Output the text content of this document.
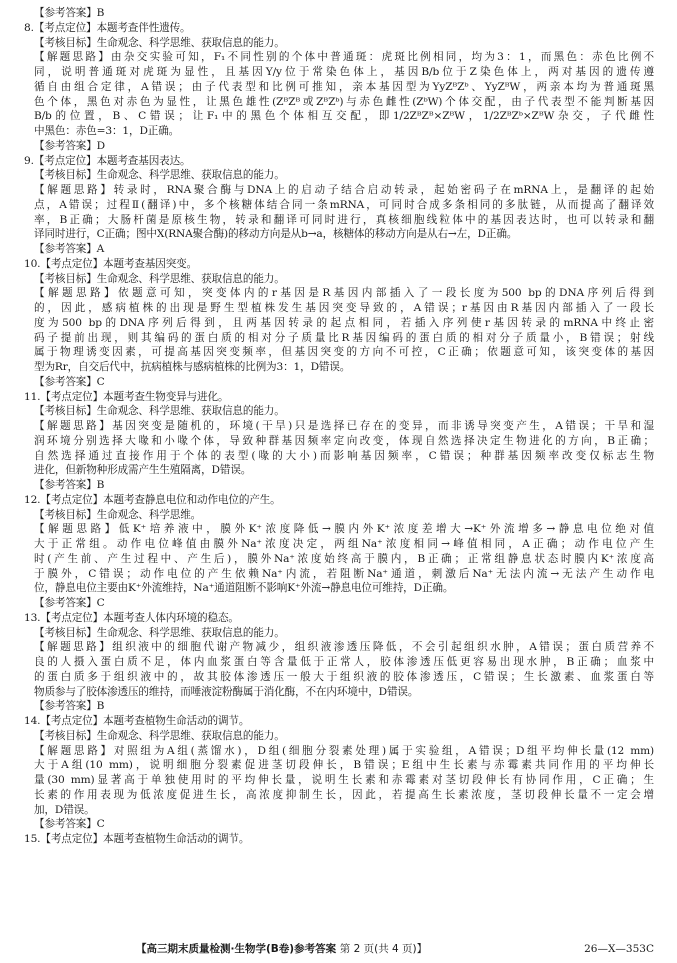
【参考答案】B
8.【考点定位】本题考查伴性遗传。
【考核目标】生命观念、科学思维、获取信息的能力。
【解题思路】由杂交实验可知，F₁不同性别的个体中普通斑：虎斑比例相同，均为3：1，而黑色：赤色比例不
同，说明普通斑对虎斑为显性，且基因Y/y位于常染色体上，基因B/b位于Z染色体上，两对基因的遗传遵
循自由组合定律，A错误；由子代表型和比例可推知，亲本基因型为YyZᴮZᵇ、YyZᴮW，两亲本均为普通斑黑
色个体，黑色对赤色为显性，让黑色雄性(ZᴮZᴮ或ZᴮZᵇ)与赤色雌性(ZᵇW)个体交配，由子代表型不能判断基因
B/b的位置，B、C错误；让F₁中的黑色个体相互交配，即1/2ZᴮZᴮ×ZᴮW，1/2ZᴮZᵇ×ZᴮW杂交，子代雌性
中黑色：赤色=3：1，D正确。
【参考答案】D
9.【考点定位】本题考查基因表达。
【考核目标】生命观念、科学思维、获取信息的能力。
【解题思路】转录时，RNA聚合酶与DNA上的启动子结合启动转录，起始密码子在mRNA上，是翻译的起始
点，A错误；过程Ⅱ(翻译)中，多个核糖体结合同一条mRNA，可同时合成多条相同的多肽链，从而提高了翻译效
率，B正确；大肠杆菌是原核生物，转录和翻译可同时进行，真核细胞线粒体中的基因表达时，也可以转录和翻
译同时进行，C正确；图中X(RNA聚合酶)的移动方向是从b→a，核糖体的移动方向是从右→左，D正确。
【参考答案】A
10.【考点定位】本题考查基因突变。
【考核目标】生命观念、科学思维、获取信息的能力。
【解题思路】依题意可知，突变体内的r基因是R基因内部插入了一段长度为500 bp的DNA序列后得到
的，因此，感病植株的出现是野生型植株发生基因突变导致的，A错误；r基因由R基因内部插入了一段长
度为500 bp的DNA序列后得到，且两基因转录的起点相同，若插入序列使r基因转录的mRNA中终止密
码子提前出现，则其编码的蛋白质的相对分子质量比R基因编码的蛋白质的相对分子质量小，B错误；射线
属于物理诱变因素，可提高基因突变频率，但基因突变的方向不可控，C正确；依题意可知，该突变体的基因
型为Rr，自交后代中，抗病植株与感病植株的比例为3：1，D错误。
【参考答案】C
11.【考点定位】本题考查生物变异与进化。
【考核目标】生命观念、科学思维、获取信息的能力。
【解题思路】基因突变是随机的，环境(干旱)只是选择已存在的变异，而非诱导突变产生，A错误；干旱和湿
润环境分别选择大喙和小喙个体，导致种群基因频率定向改变，体现自然选择决定生物进化的方向，B正确；
自然选择通过直接作用于个体的表型(喙的大小)而影响基因频率，C错误；种群基因频率改变仅标志生物
进化，但新物种形成需产生生殖隔离，D错误。
【参考答案】B
12.【考点定位】本题考查静息电位和动作电位的产生。
【考核目标】生命观念、科学思维。
【解题思路】低K⁺培养液中，膜外K⁺浓度降低→膜内外K⁺浓度差增大→K⁺外流增多→静息电位绝对值
大于正常组。动作电位峰值由膜外Na⁺浓度决定，两组Na⁺浓度相同→峰值相同，A正确；动作电位产生
时(产生前、产生过程中、产生后)，膜外Na⁺浓度始终高于膜内，B正确；正常组静息状态时膜内K⁺浓度高
于膜外，C错误；动作电位的产生依赖Na⁺内流，若阻断Na⁺通道，刺激后Na⁺无法内流→无法产生动作电
位，静息电位主要由K⁺外流维持，Na⁺通道阻断不影响K⁺外流→静息电位可维持，D正确。
【参考答案】C
13.【考点定位】本题考查人体内环境的稳态。
【考核目标】生命观念、科学思维、获取信息的能力。
【解题思路】组织液中的细胞代谢产物减少，组织液渗透压降低，不会引起组织水肿，A错误；蛋白质营养不
良的人摄入蛋白质不足，体内血浆蛋白等含量低于正常人，胶体渗透压低更容易出现水肿，B正确；血浆中
的蛋白质多于组织液中的，故其胶体渗透压一般大于组织液的胶体渗透压，C错误；生长激素、血浆蛋白等
物质参与了胶体渗透压的维持，而唾液淀粉酶属于消化酶，不在内环境中，D错误。
【参考答案】B
14.【考点定位】本题考查植物生命活动的调节。
【考核目标】生命观念、科学思维、获取信息的能力。
【解题思路】对照组为A组(蒸馏水)，D组(细胞分裂素处理)属于实验组，A错误；D组平均伸长量(12 mm)
大于A组(10 mm)，说明细胞分裂素促进茎切段伸长，B错误；E组中生长素与赤霉素共同作用的平均伸长
量(30 mm)显著高于单独使用时的平均伸长量，说明生长素和赤霉素对茎切段伸长有协同作用，C正确；生
长素的作用表现为低浓度促进生长，高浓度抑制生长，因此，若提高生长素浓度，茎切段伸长量不一定会增
加，D错误。
【参考答案】C
15.【考点定位】本题考查植物生命活动的调节。
【高三期末质量检测·生物学(B卷)参考答案 第 2 页(共 4 页)】	26—X—353C
